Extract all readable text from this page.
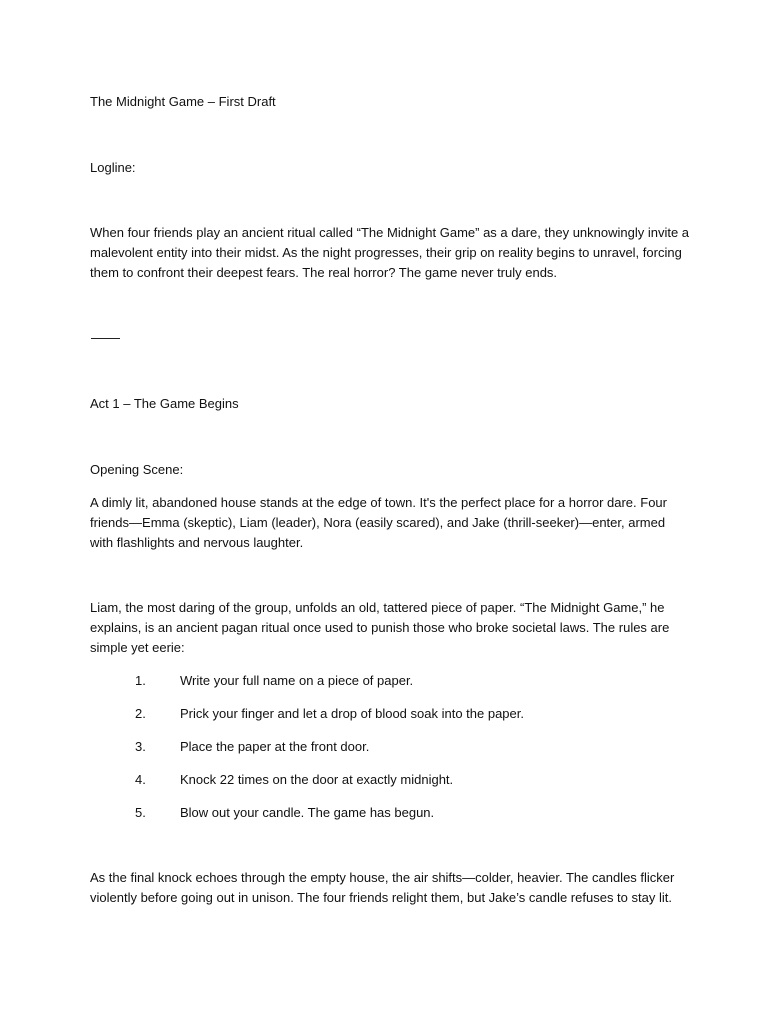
The Midnight Game – First Draft

Logline:

When four friends play an ancient ritual called “The Midnight Game” as a dare, they unknowingly invite a malevolent entity into their midst. As the night progresses, their grip on reality begins to unravel, forcing them to confront their deepest fears. The real horror? The game never truly ends.

Act 1 – The Game Begins

Opening Scene:

A dimly lit, abandoned house stands at the edge of town. It's the perfect place for a horror dare. Four friends—Emma (skeptic), Liam (leader), Nora (easily scared), and Jake (thrill-seeker)—enter, armed with flashlights and nervous laughter.

Liam, the most daring of the group, unfolds an old, tattered piece of paper. “The Midnight Game,” he explains, is an ancient pagan ritual once used to punish those who broke societal laws. The rules are simple yet eerie:

1.	Write your full name on a piece of paper.
2.	Prick your finger and let a drop of blood soak into the paper.
3.	Place the paper at the front door.
4.	Knock 22 times on the door at exactly midnight.
5.	Blow out your candle. The game has begun.

As the final knock echoes through the empty house, the air shifts—colder, heavier. The candles flicker violently before going out in unison. The four friends relight them, but Jake’s candle refuses to stay lit.
